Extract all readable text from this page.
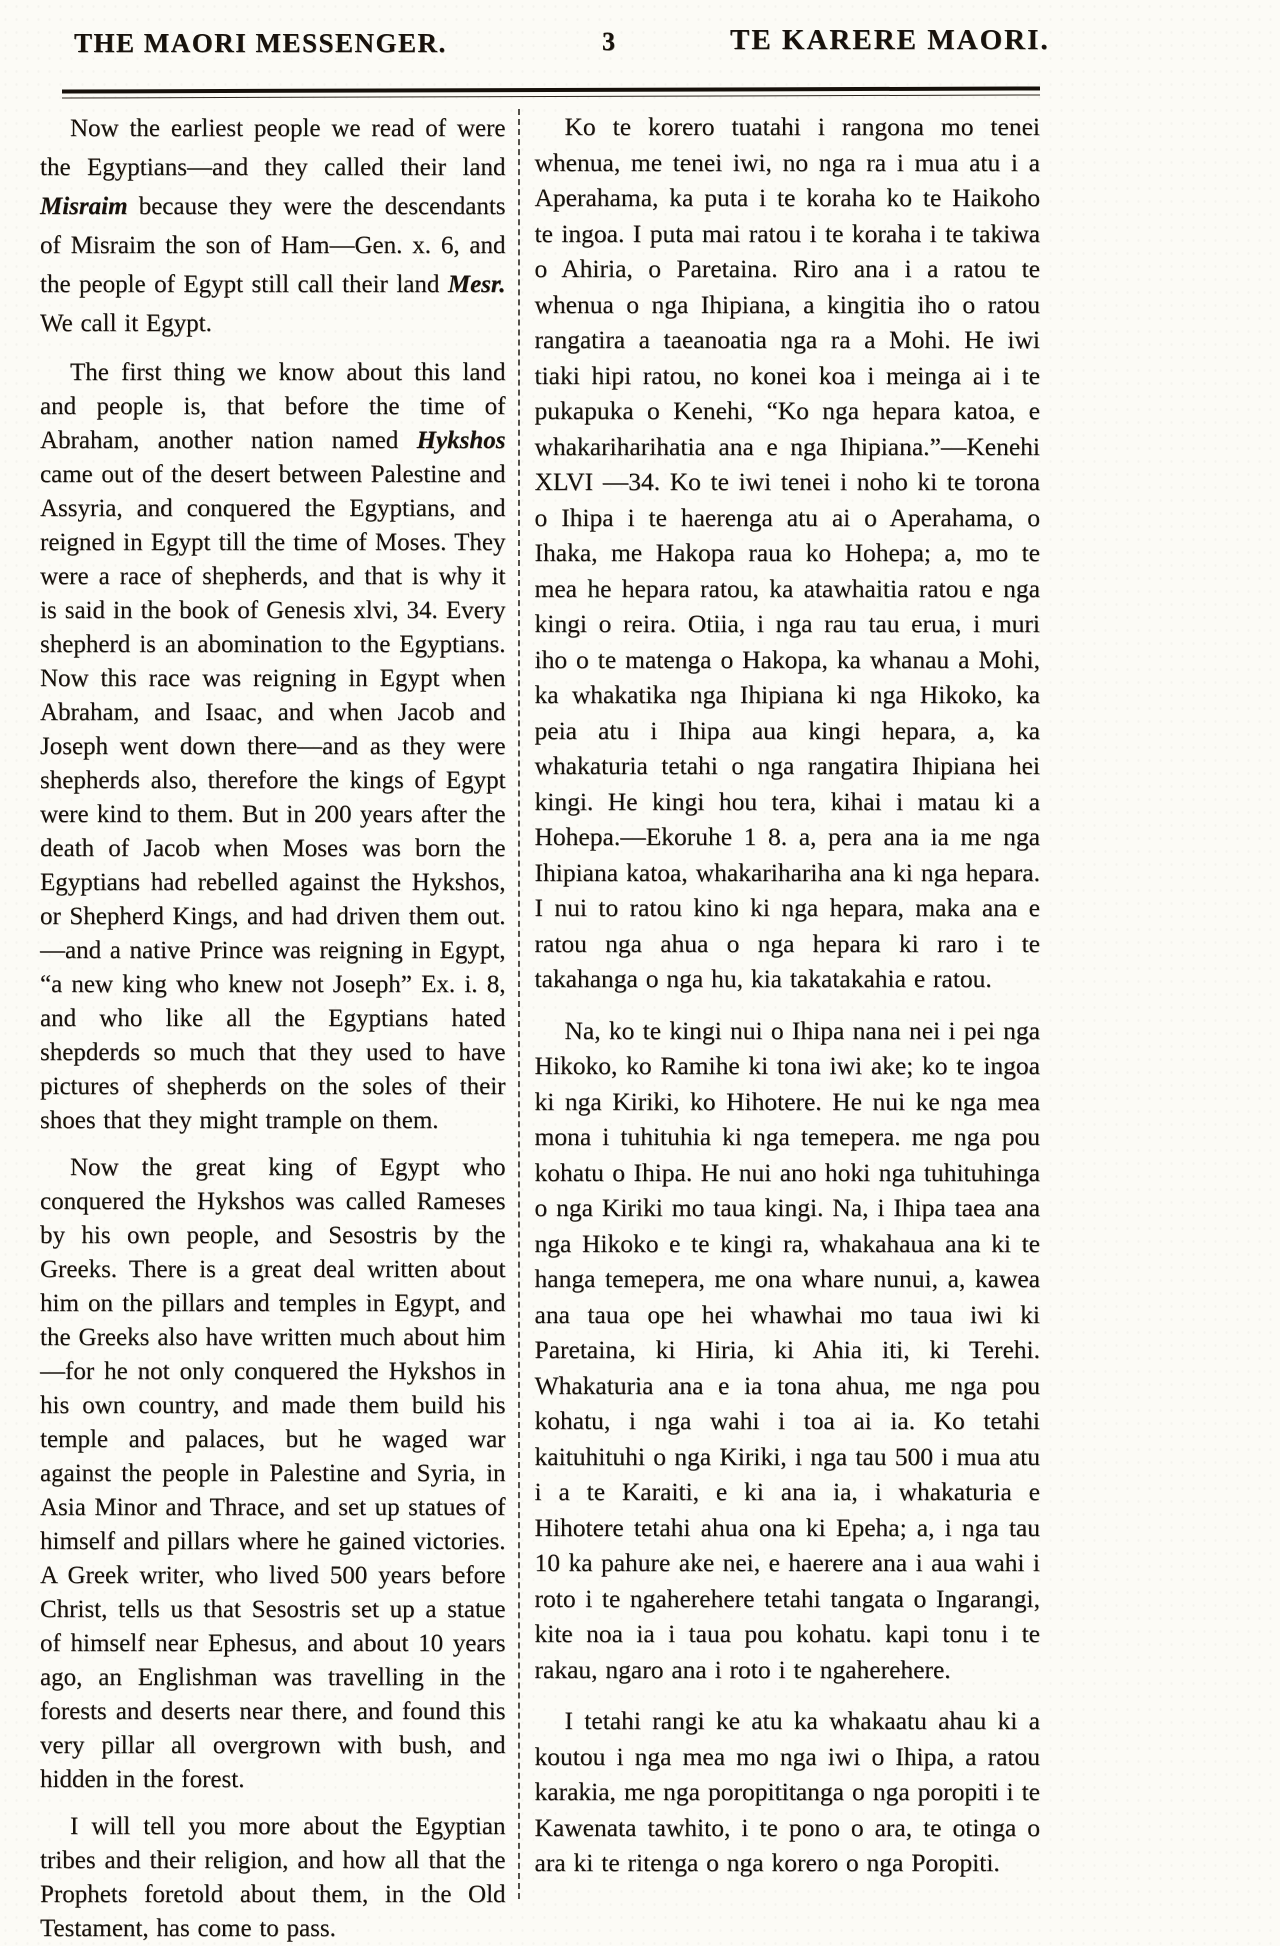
THE MAORI MESSENGER.	3	TE KARERE MAORI.

Now the earliest people we read of were the Egyptians—and they called their land Misraim because they were the descendants of Misraim the son of Ham—Gen. x. 6, and the people of Egypt still call their land Mesr. We call it Egypt.

The first thing we know about this land and people is, that before the time of Abraham, another nation named Hykshos came out of the desert between Palestine and Assyria, and conquered the Egyptians, and reigned in Egypt till the time of Moses. They were a race of shepherds, and that is why it is said in the book of Genesis xlvi, 34. Every shepherd is an abomination to the Egyptians. Now this race was reigning in Egypt when Abraham, and Isaac, and when Jacob and Joseph went down there—and as they were shepherds also, therefore the kings of Egypt were kind to them. But in 200 years after the death of Jacob when Moses was born the Egyptians had rebelled against the Hykshos, or Shepherd Kings, and had driven them out.—and a native Prince was reigning in Egypt, “a new king who knew not Joseph” Ex. i. 8, and who like all the Egyptians hated shepderds so much that they used to have pictures of shepherds on the soles of their shoes that they might trample on them.

Now the great king of Egypt who conquered the Hykshos was called Rameses by his own people, and Sesostris by the Greeks. There is a great deal written about him on the pillars and temples in Egypt, and the Greeks also have written much about him—for he not only conquered the Hykshos in his own country, and made them build his temple and palaces, but he waged war against the people in Palestine and Syria, in Asia Minor and Thrace, and set up statues of himself and pillars where he gained victories. A Greek writer, who lived 500 years before Christ, tells us that Sesostris set up a statue of himself near Ephesus, and about 10 years ago, an Englishman was travelling in the forests and deserts near there, and found this very pillar all overgrown with bush, and hidden in the forest.

I will tell you more about the Egyptian tribes and their religion, and how all that the Prophets foretold about them, in the Old Testament, has come to pass.

Ko te korero tuatahi i rangona mo tenei whenua, me tenei iwi, no nga ra i mua atu i a Aperahama, ka puta i te koraha ko te Haikoho te ingoa. I puta mai ratou i te koraha i te takiwa o Ahiria, o Paretaina. Riro ana i a ratou te whenua o nga Ihipiana, a kingitia iho o ratou rangatira a taeanoatia nga ra a Mohi. He iwi tiaki hipi ratou, no konei koa i meinga ai i te pukapuka o Kenehi, “Ko nga hepara katoa, e whakariharihatia ana e nga Ihipiana.”—Kenehi XLVI —34. Ko te iwi tenei i noho ki te torona o Ihipa i te haerenga atu ai o Aperahama, o Ihaka, me Hakopa raua ko Hohepa; a, mo te mea he hepara ratou, ka atawhaitia ratou e nga kingi o reira. Otiia, i nga rau tau erua, i muri iho o te matenga o Hakopa, ka whanau a Mohi, ka whakatika nga Ihipiana ki nga Hikoko, ka peia atu i Ihipa aua kingi hepara, a, ka whakaturia tetahi o nga rangatira Ihipiana hei kingi. He kingi hou tera, kihai i matau ki a Hohepa.—Ekoruhe 1 8. a, pera ana ia me nga Ihipiana katoa, whakarihariha ana ki nga hepara. I nui to ratou kino ki nga hepara, maka ana e ratou nga ahua o nga hepara ki raro i te takahanga o nga hu, kia takatakahia e ratou.

Na, ko te kingi nui o Ihipa nana nei i pei nga Hikoko, ko Ramihe ki tona iwi ake; ko te ingoa ki nga Kiriki, ko Hihotere. He nui ke nga mea mona i tuhituhia ki nga temepera. me nga pou kohatu o Ihipa. He nui ano hoki nga tuhituhinga o nga Kiriki mo taua kingi. Na, i Ihipa taea ana nga Hikoko e te kingi ra, whakahaua ana ki te hanga temepera, me ona whare nunui, a, kawea ana taua ope hei whawhai mo taua iwi ki Paretaina, ki Hiria, ki Ahia iti, ki Terehi. Whakaturia ana e ia tona ahua, me nga pou kohatu, i nga wahi i toa ai ia. Ko tetahi kaituhituhi o nga Kiriki, i nga tau 500 i mua atu i a te Karaiti, e ki ana ia, i whakaturia e Hihotere tetahi ahua ona ki Epeha; a, i nga tau 10 ka pahure ake nei, e haerere ana i aua wahi i roto i te ngaherehere tetahi tangata o Ingarangi, kite noa ia i taua pou kohatu. kapi tonu i te rakau, ngaro ana i roto i te ngaherehere.

I tetahi rangi ke atu ka whakaatu ahau ki a koutou i nga mea mo nga iwi o Ihipa, a ratou karakia, me nga poropititanga o nga poropiti i te Kawenata tawhito, i te pono o ara, te otinga o ara ki te ritenga o nga korero o nga Poropiti.
